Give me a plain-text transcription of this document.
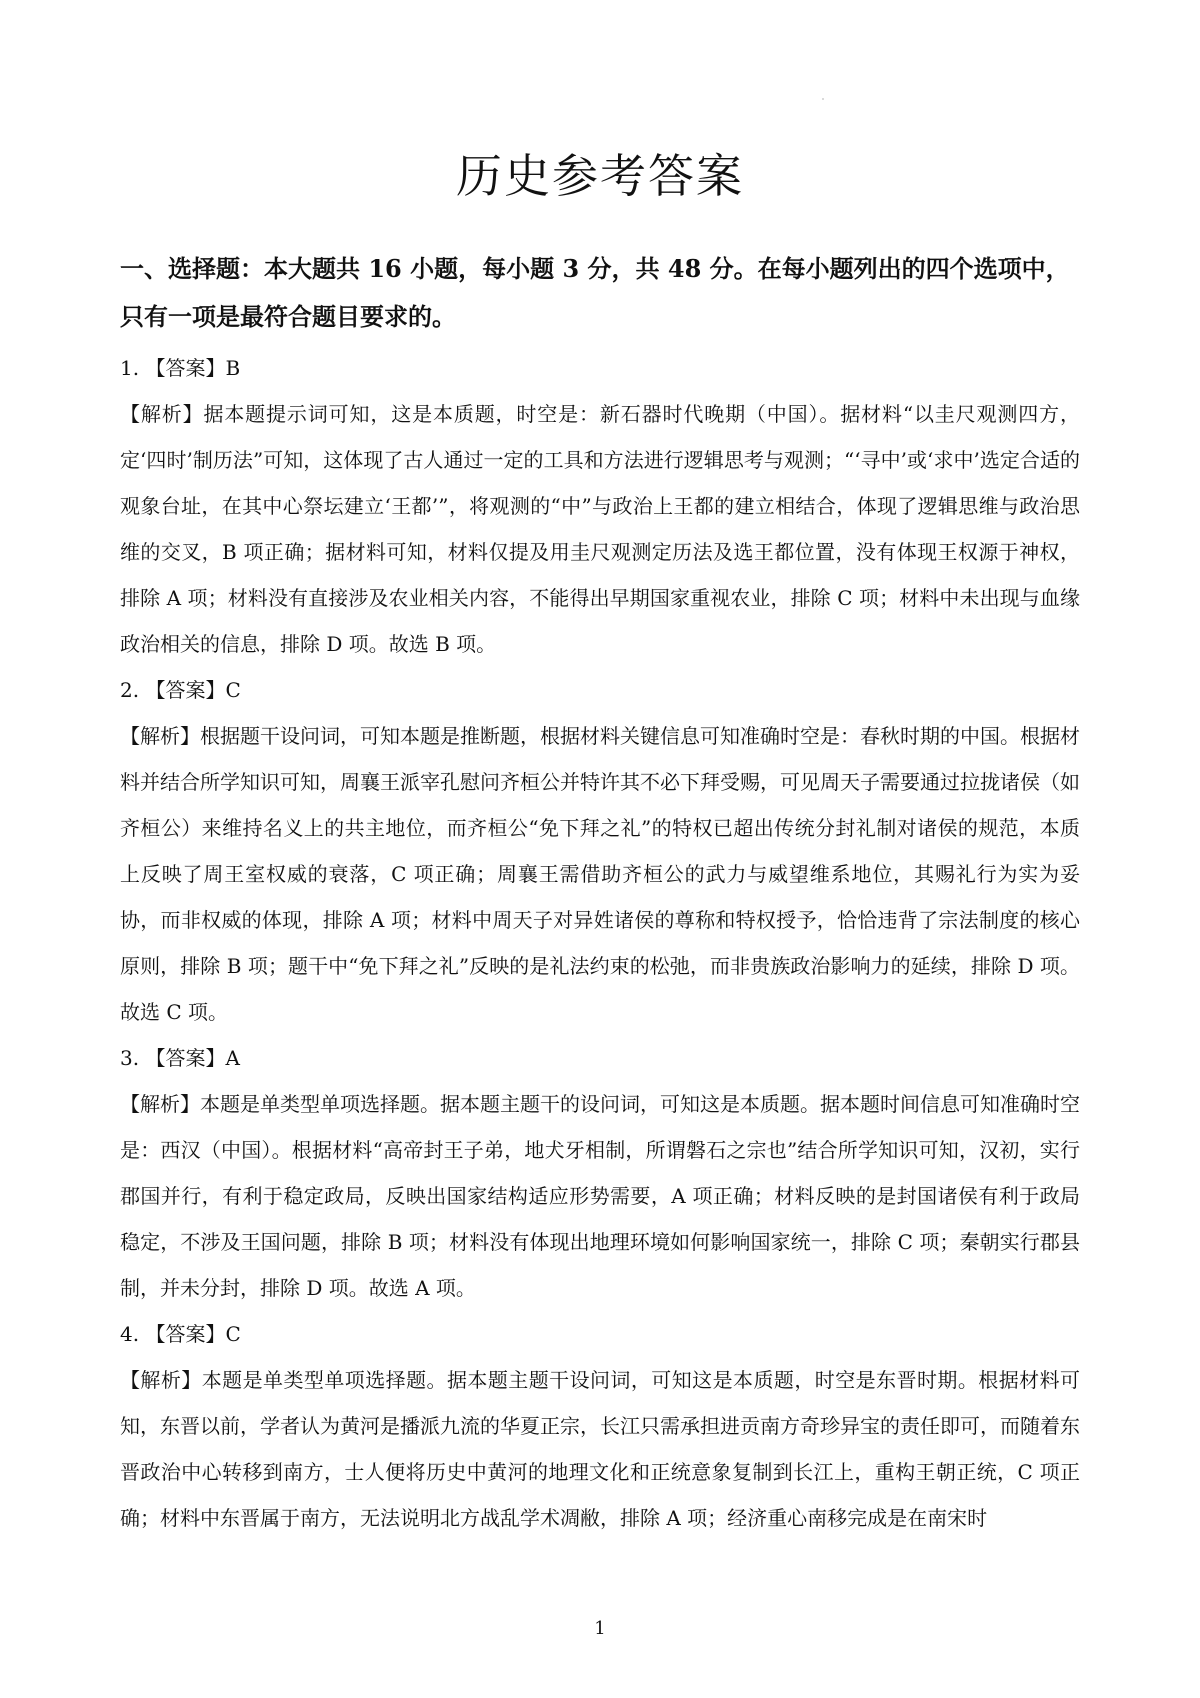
历史参考答案

一、选择题：本大题共 16 小题，每小题 3 分，共 48 分。在每小题列出的四个选项中，只有一项是最符合题目要求的。

1. 【答案】B

【解析】据本题提示词可知，这是本质题，时空是：新石器时代晚期（中国）。据材料“以圭尺观测四方，定‘四时’制历法”可知，这体现了古人通过一定的工具和方法进行逻辑思考与观测；“‘寻中’或‘求中’选定合适的观象台址，在其中心祭坛建立‘王都’”，将观测的“中”与政治上王都的建立相结合，体现了逻辑思维与政治思维的交叉，B 项正确；据材料可知，材料仅提及用圭尺观测定历法及选王都位置，没有体现王权源于神权，排除 A 项；材料没有直接涉及农业相关内容，不能得出早期国家重视农业，排除 C 项；材料中未出现与血缘政治相关的信息，排除 D 项。故选 B 项。

2. 【答案】C

【解析】根据题干设问词，可知本题是推断题，根据材料关键信息可知准确时空是：春秋时期的中国。根据材料并结合所学知识可知，周襄王派宰孔慰问齐桓公并特许其不必下拜受赐，可见周天子需要通过拉拢诸侯（如齐桓公）来维持名义上的共主地位，而齐桓公“免下拜之礼”的特权已超出传统分封礼制对诸侯的规范，本质上反映了周王室权威的衰落，C 项正确；周襄王需借助齐桓公的武力与威望维系地位，其赐礼行为实为妥协，而非权威的体现，排除 A 项；材料中周天子对异姓诸侯的尊称和特权授予，恰恰违背了宗法制度的核心原则，排除 B 项；题干中“免下拜之礼”反映的是礼法约束的松弛，而非贵族政治影响力的延续，排除 D 项。故选 C 项。

3. 【答案】A

【解析】本题是单类型单项选择题。据本题主题干的设问词，可知这是本质题。据本题时间信息可知准确时空是：西汉（中国）。根据材料“高帝封王子弟，地犬牙相制，所谓磐石之宗也”结合所学知识可知，汉初，实行郡国并行，有利于稳定政局，反映出国家结构适应形势需要，A 项正确；材料反映的是封国诸侯有利于政局稳定，不涉及王国问题，排除 B 项；材料没有体现出地理环境如何影响国家统一，排除 C 项；秦朝实行郡县制，并未分封，排除 D 项。故选 A 项。

4. 【答案】C

【解析】本题是单类型单项选择题。据本题主题干设问词，可知这是本质题，时空是东晋时期。根据材料可知，东晋以前，学者认为黄河是播派九流的华夏正宗，长江只需承担进贡南方奇珍异宝的责任即可，而随着东晋政治中心转移到南方，士人便将历史中黄河的地理文化和正统意象复制到长江上，重构王朝正统，C 项正确；材料中东晋属于南方，无法说明北方战乱学术凋敝，排除 A 项；经济重心南移完成是在南宋时

1
